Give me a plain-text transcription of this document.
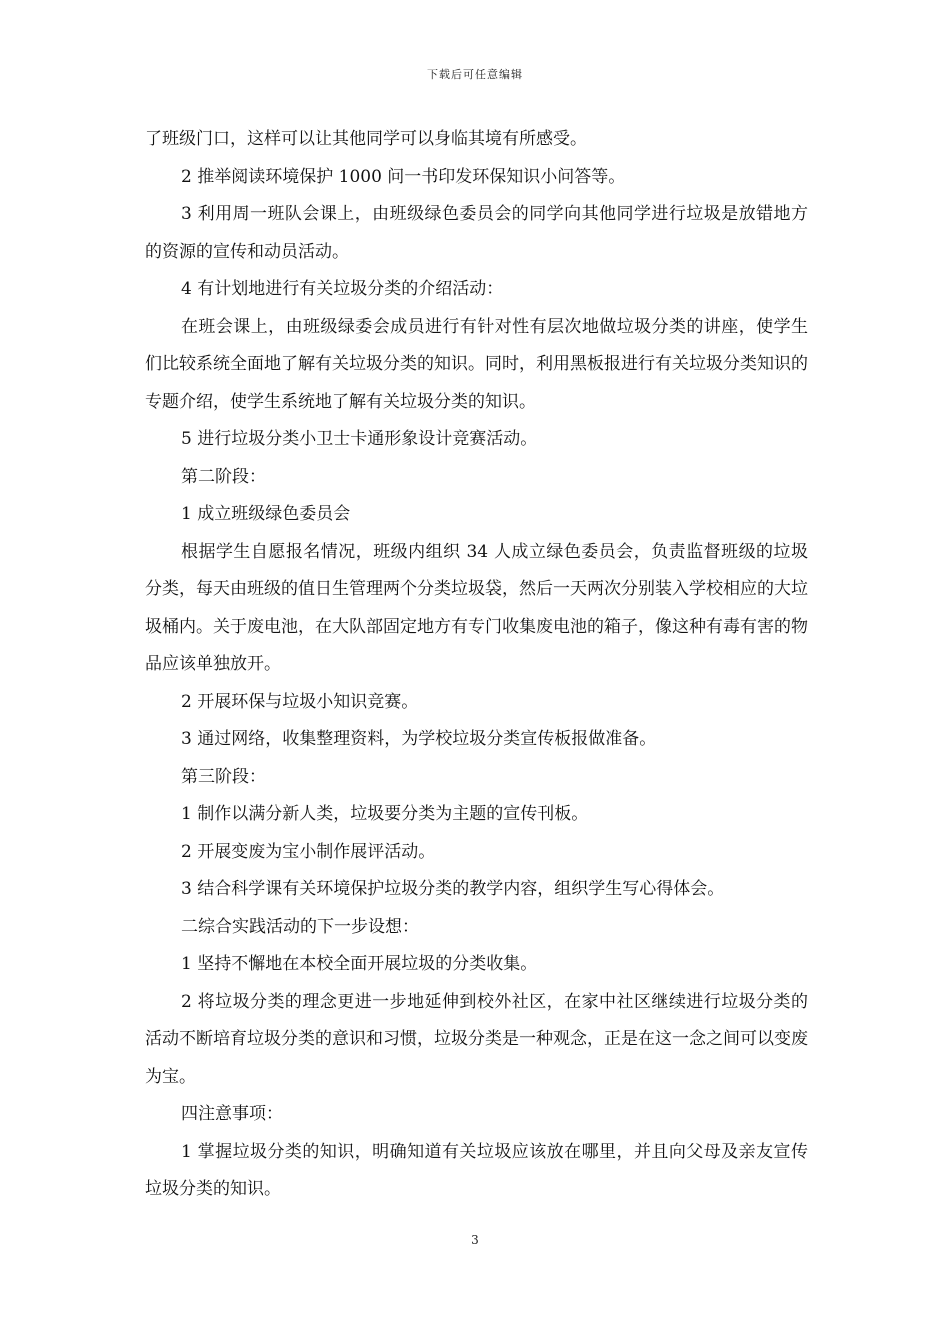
下载后可任意编辑

了班级门口，这样可以让其他同学可以身临其境有所感受。

2 推举阅读环境保护 1000 问一书印发环保知识小问答等。

3 利用周一班队会课上，由班级绿色委员会的同学向其他同学进行垃圾是放错地方的资源的宣传和动员活动。

4 有计划地进行有关垃圾分类的介绍活动：

在班会课上，由班级绿委会成员进行有针对性有层次地做垃圾分类的讲座，使学生们比较系统全面地了解有关垃圾分类的知识。同时，利用黑板报进行有关垃圾分类知识的专题介绍，使学生系统地了解有关垃圾分类的知识。

5 进行垃圾分类小卫士卡通形象设计竞赛活动。

第二阶段：

1 成立班级绿色委员会

根据学生自愿报名情况，班级内组织 34 人成立绿色委员会，负责监督班级的垃圾分类，每天由班级的值日生管理两个分类垃圾袋，然后一天两次分别装入学校相应的大垃圾桶内。关于废电池，在大队部固定地方有专门收集废电池的箱子，像这种有毒有害的物品应该单独放开。

2 开展环保与垃圾小知识竞赛。

3 通过网络，收集整理资料，为学校垃圾分类宣传板报做准备。

第三阶段：

1 制作以满分新人类，垃圾要分类为主题的宣传刊板。

2 开展变废为宝小制作展评活动。

3 结合科学课有关环境保护垃圾分类的教学内容，组织学生写心得体会。

二综合实践活动的下一步设想：

1 坚持不懈地在本校全面开展垃圾的分类收集。

2 将垃圾分类的理念更进一步地延伸到校外社区，在家中社区继续进行垃圾分类的活动不断培育垃圾分类的意识和习惯，垃圾分类是一种观念，正是在这一念之间可以变废为宝。

四注意事项：

1 掌握垃圾分类的知识，明确知道有关垃圾应该放在哪里，并且向父母及亲友宣传垃圾分类的知识。

3
